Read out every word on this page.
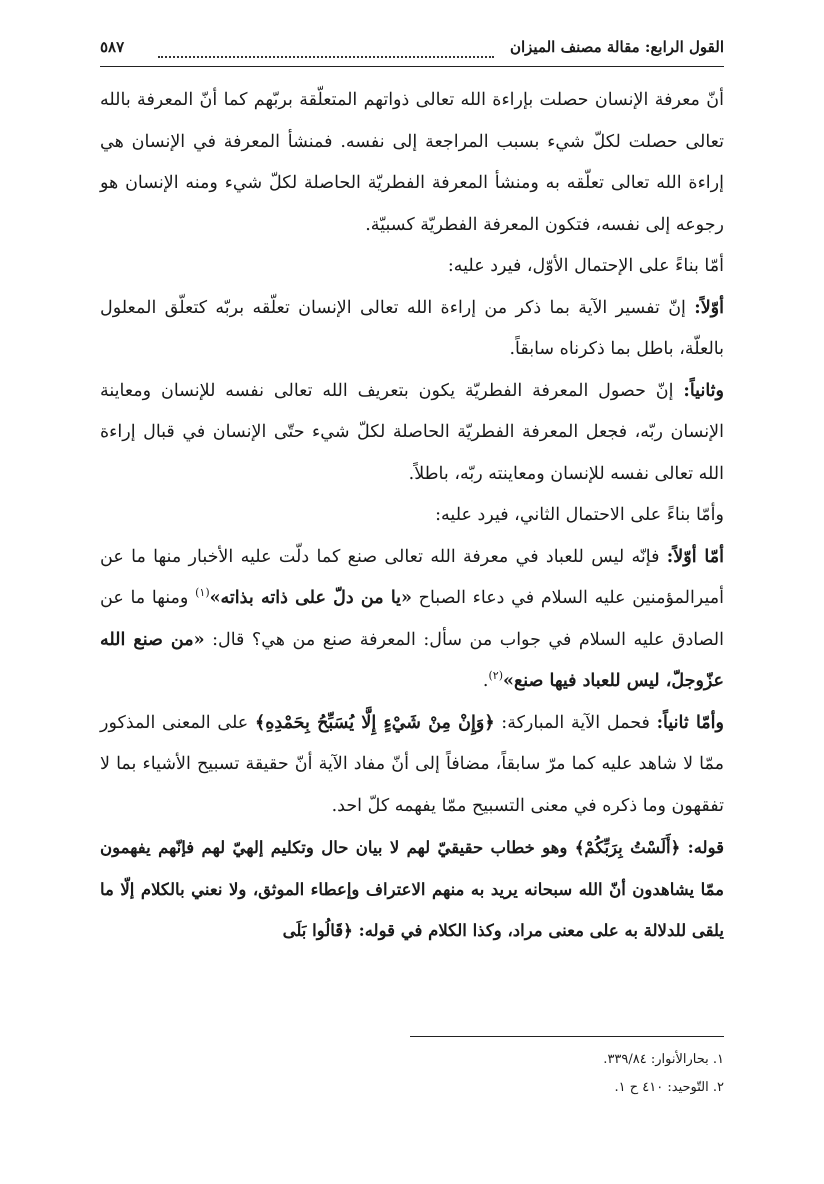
القول الرابع: مقالة مصنف الميزان
٥٨٧

أنّ معرفة الإنسان حصلت بإراءة الله تعالى ذواتهم المتعلّقة بربّهم كما أنّ المعرفة بالله تعالى حصلت لكلّ شيء بسبب المراجعة إلى نفسه. فمنشأ المعرفة في الإنسان هي إراءة الله تعالى تعلّقه به ومنشأ المعرفة الفطريّة الحاصلة لكلّ شيء ومنه الإنسان هو رجوعه إلى نفسه، فتكون المعرفة الفطريّة كسبيّة.

أمّا بناءً على الإحتمال الأوّل، فيرد عليه:

أوّلاً: إنّ تفسير الآية بما ذكر من إراءة الله تعالى الإنسان تعلّقه بربّه كتعلّق المعلول بالعلّة، باطل بما ذكرناه سابقاً.

وثانياً: إنّ حصول المعرفة الفطريّة يكون بتعريف الله تعالى نفسه للإنسان ومعاينة الإنسان ربّه، فجعل المعرفة الفطريّة الحاصلة لكلّ شيء حتّى الإنسان في قبال إراءة الله تعالى نفسه للإنسان ومعاينته ربّه، باطلاً.

وأمّا بناءً على الاحتمال الثاني، فيرد عليه:

أمّا أوّلاً: فإنّه ليس للعباد في معرفة الله تعالى صنع كما دلّت عليه الأخبار منها ما عن أميرالمؤمنين عليه السلام في دعاء الصباح «يا من دلّ على ذاته بذاته»$^{(١)}$ ومنها ما عن الصادق عليه السلام في جواب من سأل: المعرفة صنع من هي؟ قال: «من صنع الله عزّوجلّ، ليس للعباد فيها صنع»$^{(٢)}$.

وأمّا ثانياً: فحمل الآية المباركة: ﴿وَإِنْ مِنْ شَيْءٍ إِلَّا يُسَبِّحُ بِحَمْدِهِ﴾ على المعنى المذكور ممّا لا شاهد عليه كما مرّ سابقاً، مضافاً إلى أنّ مفاد الآية أنّ حقيقة تسبيح الأشياء بما لا تفقهون وما ذكره في معنى التسبيح ممّا يفهمه كلّ احد.

قوله: ﴿أَلَسْتُ بِرَبِّكُمْ﴾ وهو خطاب حقيقيّ لهم لا بيان حال وتكليم إلهيّ لهم فإنّهم يفهمون ممّا يشاهدون أنّ الله سبحانه يريد به منهم الاعتراف وإعطاء الموثق، ولا نعني بالكلام إلّا ما يلقى للدلالة به على معنى مراد، وكذا الكلام في قوله: ﴿قَالُوا بَلَى

١. بحارالأنوار: ٣٣٩/٨٤.
٢. التّوحيد: ٤١٠ ح ١.
